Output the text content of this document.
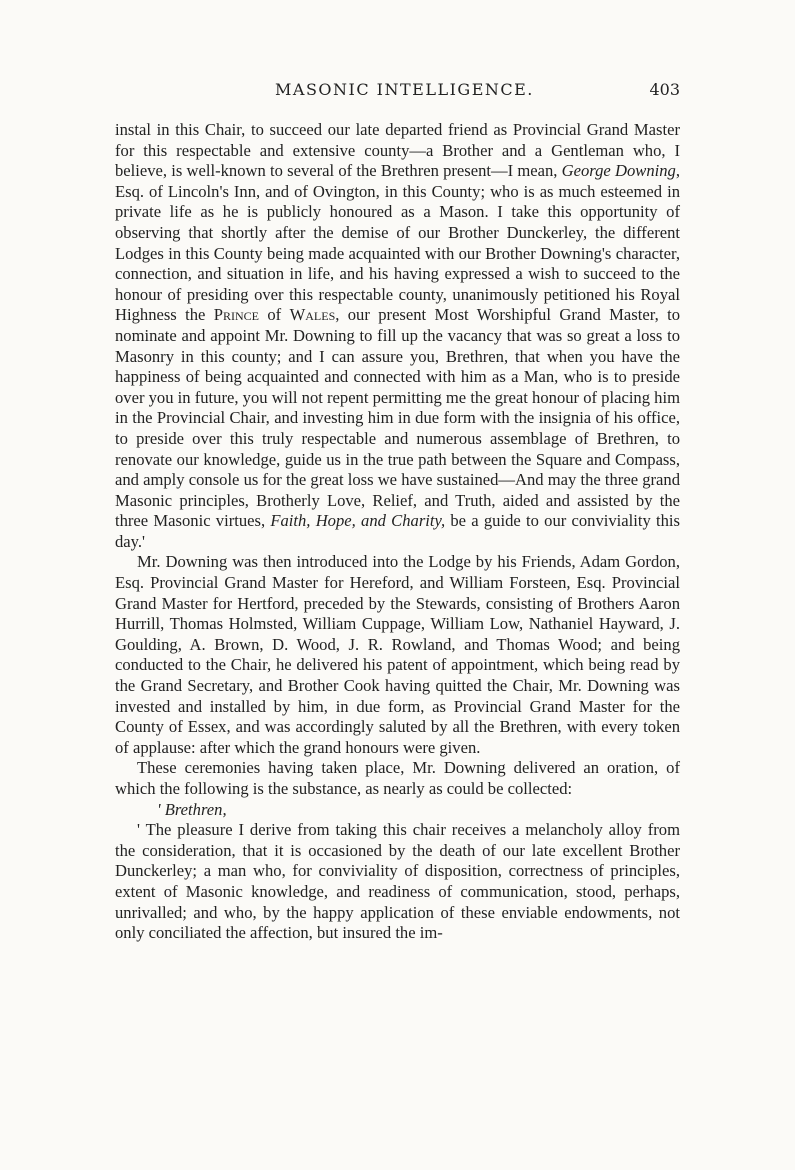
MASONIC INTELLIGENCE.	403

instal in this Chair, to succeed our late departed friend as Provincial Grand Master for this respectable and extensive county—a Brother and a Gentleman who, I believe, is well-known to several of the Brethren present—I mean, George Downing, Esq. of Lincoln's Inn, and of Ovington, in this County; who is as much esteemed in private life as he is publicly honoured as a Mason. I take this opportunity of observing that shortly after the demise of our Brother Dunckerley, the different Lodges in this County being made acquainted with our Brother Downing's character, connection, and situation in life, and his having expressed a wish to succeed to the honour of presiding over this respectable county, unanimously petitioned his Royal Highness the Prince of Wales, our present Most Worshipful Grand Master, to nominate and appoint Mr. Downing to fill up the vacancy that was so great a loss to Masonry in this county; and I can assure you, Brethren, that when you have the happiness of being acquainted and connected with him as a Man, who is to preside over you in future, you will not repent permitting me the great honour of placing him in the Provincial Chair, and investing him in due form with the insignia of his office, to preside over this truly respectable and numerous assemblage of Brethren, to renovate our knowledge, guide us in the true path between the Square and Compass, and amply console us for the great loss we have sustained—And may the three grand Masonic principles, Brotherly Love, Relief, and Truth, aided and assisted by the three Masonic virtues, Faith, Hope, and Charity, be a guide to our conviviality this day.'

Mr. Downing was then introduced into the Lodge by his Friends, Adam Gordon, Esq. Provincial Grand Master for Hereford, and William Forsteen, Esq. Provincial Grand Master for Hertford, preceded by the Stewards, consisting of Brothers Aaron Hurrill, Thomas Holmsted, William Cuppage, William Low, Nathaniel Hayward, J. Goulding, A. Brown, D. Wood, J. R. Rowland, and Thomas Wood; and being conducted to the Chair, he delivered his patent of appointment, which being read by the Grand Secretary, and Brother Cook having quitted the Chair, Mr. Downing was invested and installed by him, in due form, as Provincial Grand Master for the County of Essex, and was accordingly saluted by all the Brethren, with every token of applause: after which the grand honours were given.

These ceremonies having taken place, Mr. Downing delivered an oration, of which the following is the substance, as nearly as could be collected:

' Brethren,

' The pleasure I derive from taking this chair receives a melancholy alloy from the consideration, that it is occasioned by the death of our late excellent Brother Dunckerley; a man who, for conviviality of disposition, correctness of principles, extent of Masonic knowledge, and readiness of communication, stood, perhaps, unrivalled; and who, by the happy application of these enviable endowments, not only conciliated the affection, but insured the im-
